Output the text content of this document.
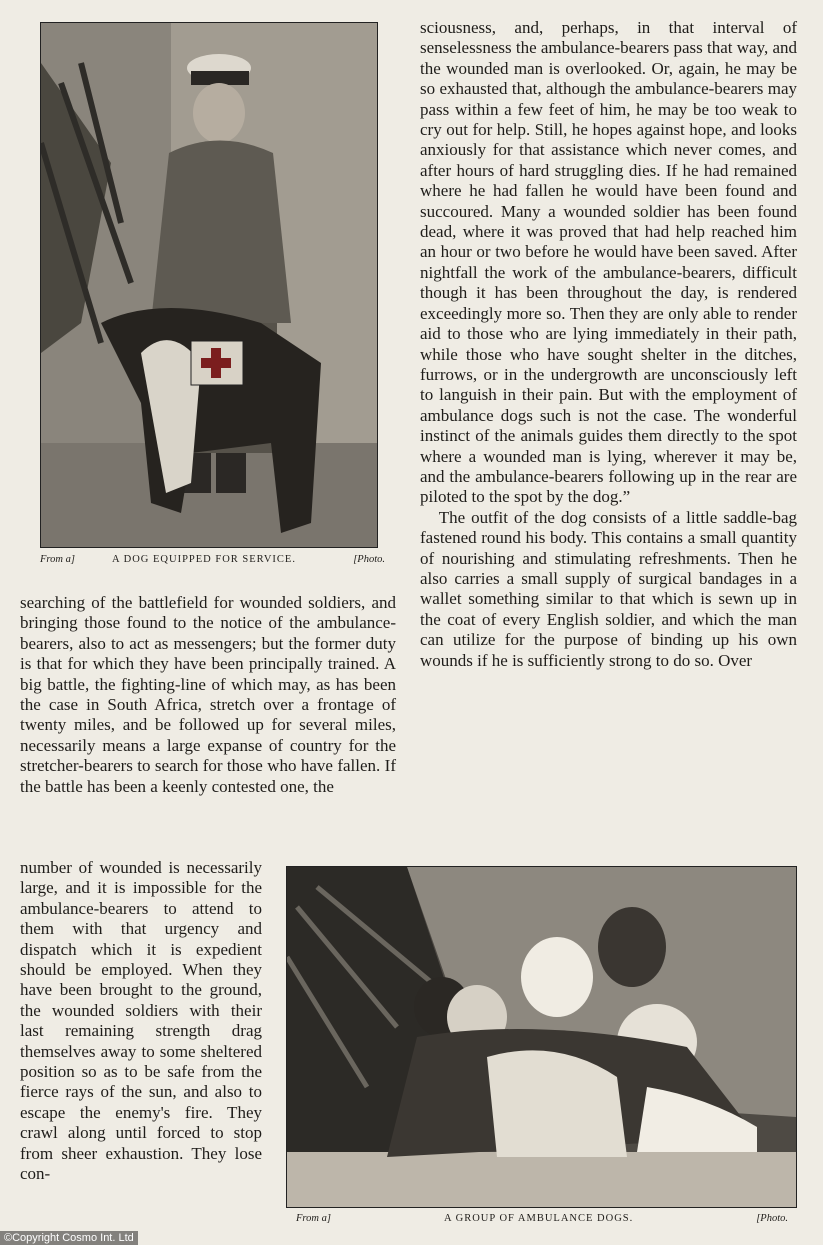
From a]	A DOG EQUIPPED FOR SERVICE.	[Photo.

sciousness, and, perhaps, in that interval of senselessness the ambulance-bearers pass that way, and the wounded man is overlooked. Or, again, he may be so exhausted that, although the ambulance-bearers may pass within a few feet of him, he may be too weak to cry out for help. Still, he hopes against hope, and looks anxiously for that assistance which never comes, and after hours of hard struggling dies. If he had remained where he had fallen he would have been found and succoured. Many a wounded soldier has been found dead, where it was proved that had help reached him an hour or two before he would have been saved. After nightfall the work of the ambulance-bearers, difficult though it has been throughout the day, is rendered exceedingly more so. Then they are only able to render aid to those who are lying immediately in their path, while those who have sought shelter in the ditches, furrows, or in the undergrowth are unconsciously left to languish in their pain. But with the employment of ambulance dogs such is not the case. The wonderful instinct of the animals guides them directly to the spot where a wounded man is lying, wherever it may be, and the ambulance-bearers following up in the rear are piloted to the spot by the dog.”

The outfit of the dog consists of a little saddle-bag fastened round his body. This contains a small quantity of nourishing and stimulating refreshments. Then he also carries a small supply of surgical bandages in a wallet something similar to that which is sewn up in the coat of every English soldier, and which the man can utilize for the purpose of binding up his own wounds if he is sufficiently strong to do so. Over

searching of the battlefield for wounded soldiers, and bringing those found to the notice of the ambulance-bearers, also to act as messengers; but the former duty is that for which they have been principally trained. A big battle, the fighting-line of which may, as has been the case in South Africa, stretch over a frontage of twenty miles, and be followed up for several miles, necessarily means a large expanse of country for the stretcher-bearers to search for those who have fallen. If the battle has been a keenly contested one, the

number of wounded is necessarily large, and it is impossible for the ambulance-bearers to attend to them with that urgency and dispatch which it is expedient should be employed. When they have been brought to the ground, the wounded soldiers with their last remaining strength drag themselves away to some sheltered position so as to be safe from the fierce rays of the sun, and also to escape the enemy's fire. They crawl along until forced to stop from sheer exhaustion. They lose con-

From a]	A GROUP OF AMBULANCE DOGS.	[Photo.
©Copyright Cosmo Int. Ltd
